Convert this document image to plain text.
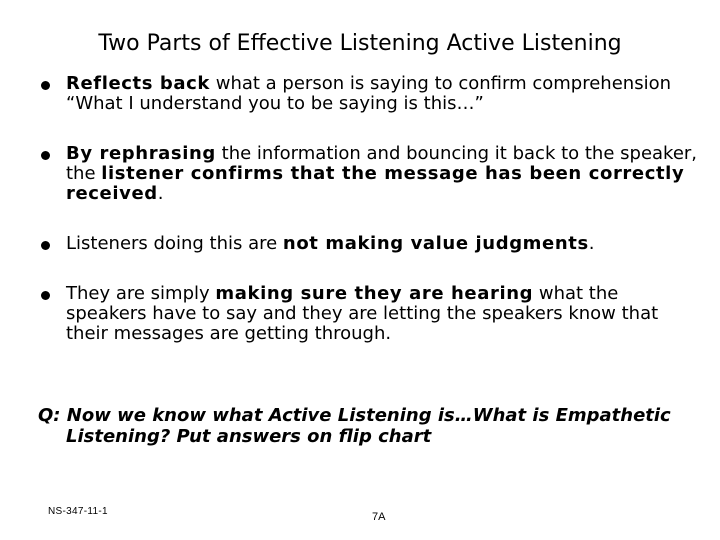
Two Parts of Effective Listening Active Listening
Reflects back what a person is saying to confirm comprehension “What I understand you to be saying is this…”
By rephrasing the information and bouncing it back to the speaker, the listener confirms that the message has been correctly received.
Listeners doing this are not making value judgments.
They are simply making sure they are hearing what the speakers have to say and they are letting the speakers know that their messages are getting through.
Q: Now we know what Active Listening is…What is Empathetic Listening? Put answers on flip chart
NS-347-11-1	7A
